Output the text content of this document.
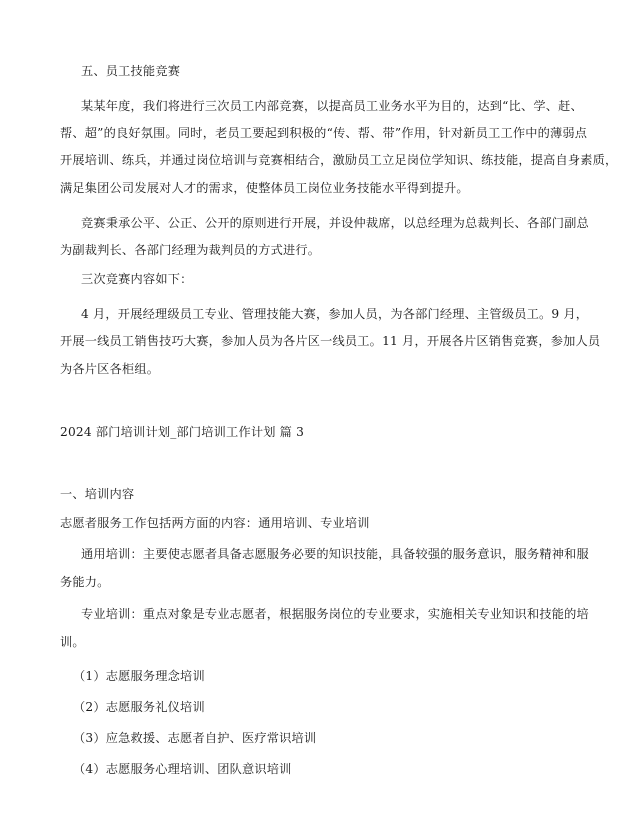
五、员工技能竞赛
某某年度，我们将进行三次员工内部竞赛，以提高员工业务水平为目的，达到“比、学、赶、
帮、超”的良好氛围。同时，老员工要起到积极的“传、帮、带”作用，针对新员工工作中的薄弱点
开展培训、练兵，并通过岗位培训与竞赛相结合，激励员工立足岗位学知识、练技能，提高自身素质，
满足集团公司发展对人才的需求，使整体员工岗位业务技能水平得到提升。
竞赛秉承公平、公正、公开的原则进行开展，并设仲裁席，以总经理为总裁判长、各部门副总
为副裁判长、各部门经理为裁判员的方式进行。
三次竞赛内容如下：
4 月，开展经理级员工专业、管理技能大赛，参加人员，为各部门经理、主管级员工。9 月，
开展一线员工销售技巧大赛，参加人员为各片区一线员工。11 月，开展各片区销售竞赛，参加人员
为各片区各柜组。
2024 部门培训计划_部门培训工作计划 篇 3
一、培训内容
志愿者服务工作包括两方面的内容：通用培训、专业培训
通用培训：主要使志愿者具备志愿服务必要的知识技能，具备较强的服务意识，服务精神和服
务能力。
专业培训：重点对象是专业志愿者，根据服务岗位的专业要求，实施相关专业知识和技能的培
训。
（1）志愿服务理念培训
（2）志愿服务礼仪培训
（3）应急救援、志愿者自护、医疗常识培训
（4）志愿服务心理培训、团队意识培训
